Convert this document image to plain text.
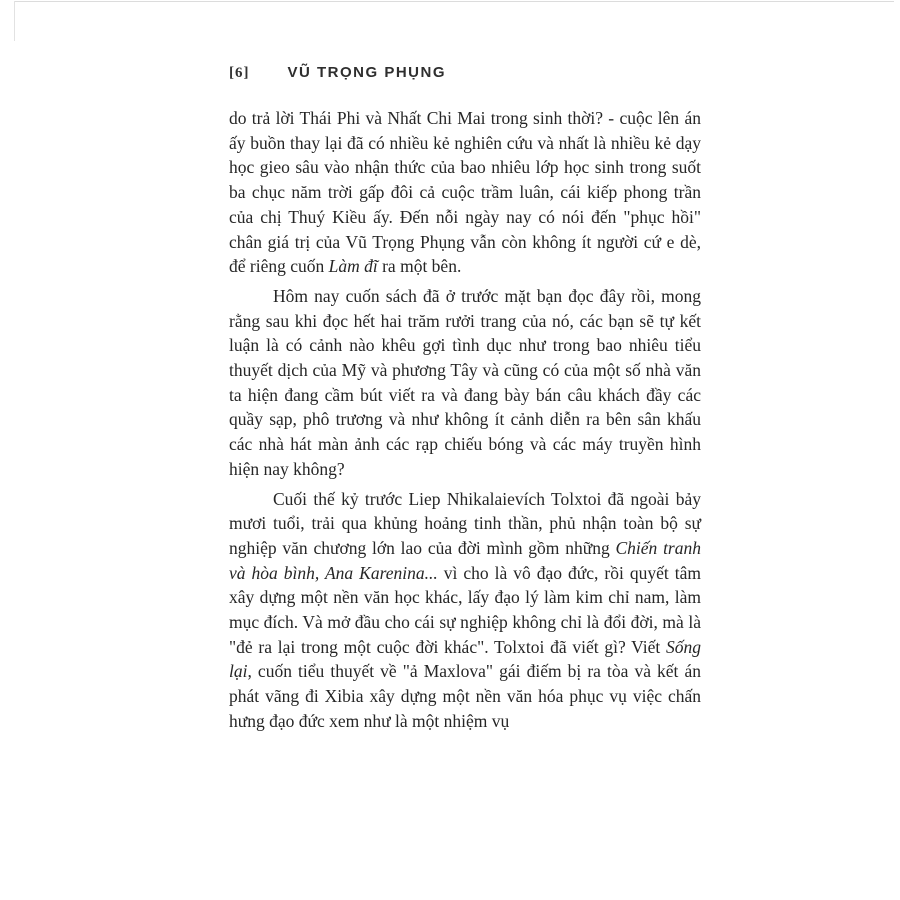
[6]	VŨ TRỌNG PHỤNG

do trả lời Thái Phi và Nhất Chi Mai trong sinh thời? - cuộc lên án ấy buồn thay lại đã có nhiều kẻ nghiên cứu và nhất là nhiều kẻ dạy học gieo sâu vào nhận thức của bao nhiêu lớp học sinh trong suốt ba chục năm trời gấp đôi cả cuộc trầm luân, cái kiếp phong trần của chị Thuý Kiều ấy. Đến nỗi ngày nay có nói đến "phục hồi" chân giá trị của Vũ Trọng Phụng vẫn còn không ít người cứ e dè, để riêng cuốn Làm đĩ ra một bên.

Hôm nay cuốn sách đã ở trước mặt bạn đọc đây rồi, mong rằng sau khi đọc hết hai trăm rưởi trang của nó, các bạn sẽ tự kết luận là có cảnh nào khêu gợi tình dục như trong bao nhiêu tiểu thuyết dịch của Mỹ và phương Tây và cũng có của một số nhà văn ta hiện đang cầm bút viết ra và đang bày bán câu khách đầy các quầy sạp, phô trương và như không ít cảnh diễn ra bên sân khấu các nhà hát màn ảnh các rạp chiếu bóng và các máy truyền hình hiện nay không?

Cuối thế kỷ trước Liep Nhikalaievích Tolxtoi đã ngoài bảy mươi tuổi, trải qua khủng hoảng tinh thần, phủ nhận toàn bộ sự nghiệp văn chương lớn lao của đời mình gồm những Chiến tranh và hòa bình, Ana Karenina... vì cho là vô đạo đức, rồi quyết tâm xây dựng một nền văn học khác, lấy đạo lý làm kim chỉ nam, làm mục đích. Và mở đầu cho cái sự nghiệp không chỉ là đổi đời, mà là "đẻ ra lại trong một cuộc đời khác". Tolxtoi đã viết gì? Viết Sống lại, cuốn tiểu thuyết về "ả Maxlova" gái điếm bị ra tòa và kết án phát vãng đi Xibia xây dựng một nền văn hóa phục vụ việc chấn hưng đạo đức xem như là một nhiệm vụ
